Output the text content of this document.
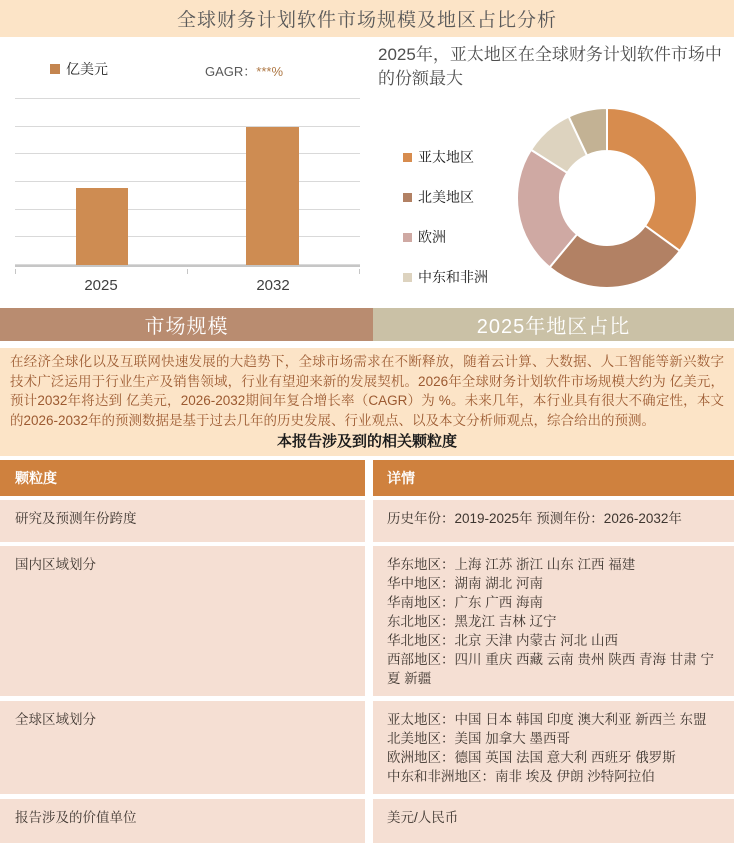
全球财务计划软件市场规模及地区占比分析
亿美元	GAGR：***%
2025	2032
2025年，亚太地区在全球财务计划软件市场中的份额最大
亚太地区
北美地区
欧洲
中东和非洲
市场规模	2025年地区占比
在经济全球化以及互联网快速发展的大趋势下，全球市场需求在不断释放，随着云计算、大数据、人工智能等新兴数字技术广泛运用于行业生产及销售领域，行业有望迎来新的发展契机。2026年全球财务计划软件市场规模大约为 亿美元，预计2032年将达到 亿美元，2026-2032期间年复合增长率（CAGR）为 %。未来几年，本行业具有很大不确定性，本文的2026-2032年的预测数据是基于过去几年的历史发展、行业观点、以及本文分析师观点，综合给出的预测。
本报告涉及到的相关颗粒度
颗粒度	详情
研究及预测年份跨度	历史年份：2019-2025年 预测年份：2026-2032年
国内区域划分	华东地区：上海 江苏 浙江 山东 江西 福建
华中地区：湖南 湖北 河南
华南地区：广东 广西 海南
东北地区：黑龙江 吉林 辽宁
华北地区：北京 天津 内蒙古 河北 山西
西部地区：四川 重庆 西藏 云南 贵州 陕西 青海 甘肃 宁夏 新疆
全球区域划分	亚太地区：中国 日本 韩国 印度 澳大利亚 新西兰 东盟
北美地区：美国 加拿大 墨西哥
欧洲地区：德国 英国 法国 意大利 西班牙 俄罗斯
中东和非洲地区：南非 埃及 伊朗 沙特阿拉伯
报告涉及的价值单位	美元/人民币
